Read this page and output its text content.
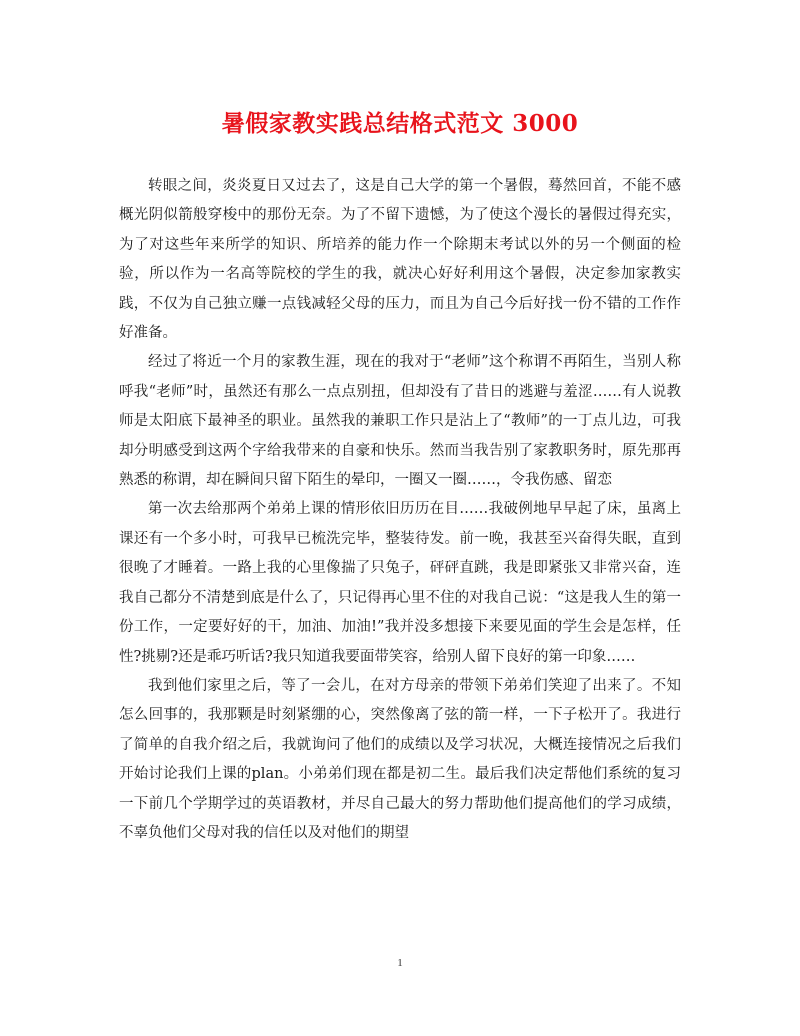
暑假家教实践总结格式范文 3000

转眼之间，炎炎夏日又过去了，这是自己大学的第一个暑假，蓦然回首，不能不感概光阴似箭般穿梭中的那份无奈。为了不留下遗憾，为了使这个漫长的暑假过得充实，为了对这些年来所学的知识、所培养的能力作一个除期末考试以外的另一个侧面的检验，所以作为一名高等院校的学生的我，就决心好好利用这个暑假，决定参加家教实践，不仅为自己独立赚一点钱减轻父母的压力，而且为自己今后好找一份不错的工作作好准备。

经过了将近一个月的家教生涯，现在的我对于“老师”这个称谓不再陌生，当别人称呼我“老师”时，虽然还有那么一点点别扭，但却没有了昔日的逃避与羞涩……有人说教师是太阳底下最神圣的职业。虽然我的兼职工作只是沾上了“教师”的一丁点儿边，可我却分明感受到这两个字给我带来的自豪和快乐。然而当我告别了家教职务时，原先那再熟悉的称谓，却在瞬间只留下陌生的晕印，一圈又一圈……，令我伤感、留恋

第一次去给那两个弟弟上课的情形依旧历历在目……我破例地早早起了床，虽离上课还有一个多小时，可我早已梳洗完毕，整装待发。前一晚，我甚至兴奋得失眠，直到很晚了才睡着。一路上我的心里像揣了只兔子，砰砰直跳，我是即紧张又非常兴奋，连我自己都分不清楚到底是什么了，只记得再心里不住的对我自己说：“这是我人生的第一份工作，一定要好好的干，加油、加油!”我并没多想接下来要见面的学生会是怎样，任性?挑剔?还是乖巧听话?我只知道我要面带笑容，给别人留下良好的第一印象……

我到他们家里之后，等了一会儿，在对方母亲的带领下弟弟们笑迎了出来了。不知怎么回事的，我那颗是时刻紧绷的心，突然像离了弦的箭一样，一下子松开了。我进行了简单的自我介绍之后，我就询问了他们的成绩以及学习状况，大概连接情况之后我们开始讨论我们上课的plan。小弟弟们现在都是初二生。最后我们决定帮他们系统的复习一下前几个学期学过的英语教材，并尽自己最大的努力帮助他们提高他们的学习成绩，不辜负他们父母对我的信任以及对他们的期望

1
